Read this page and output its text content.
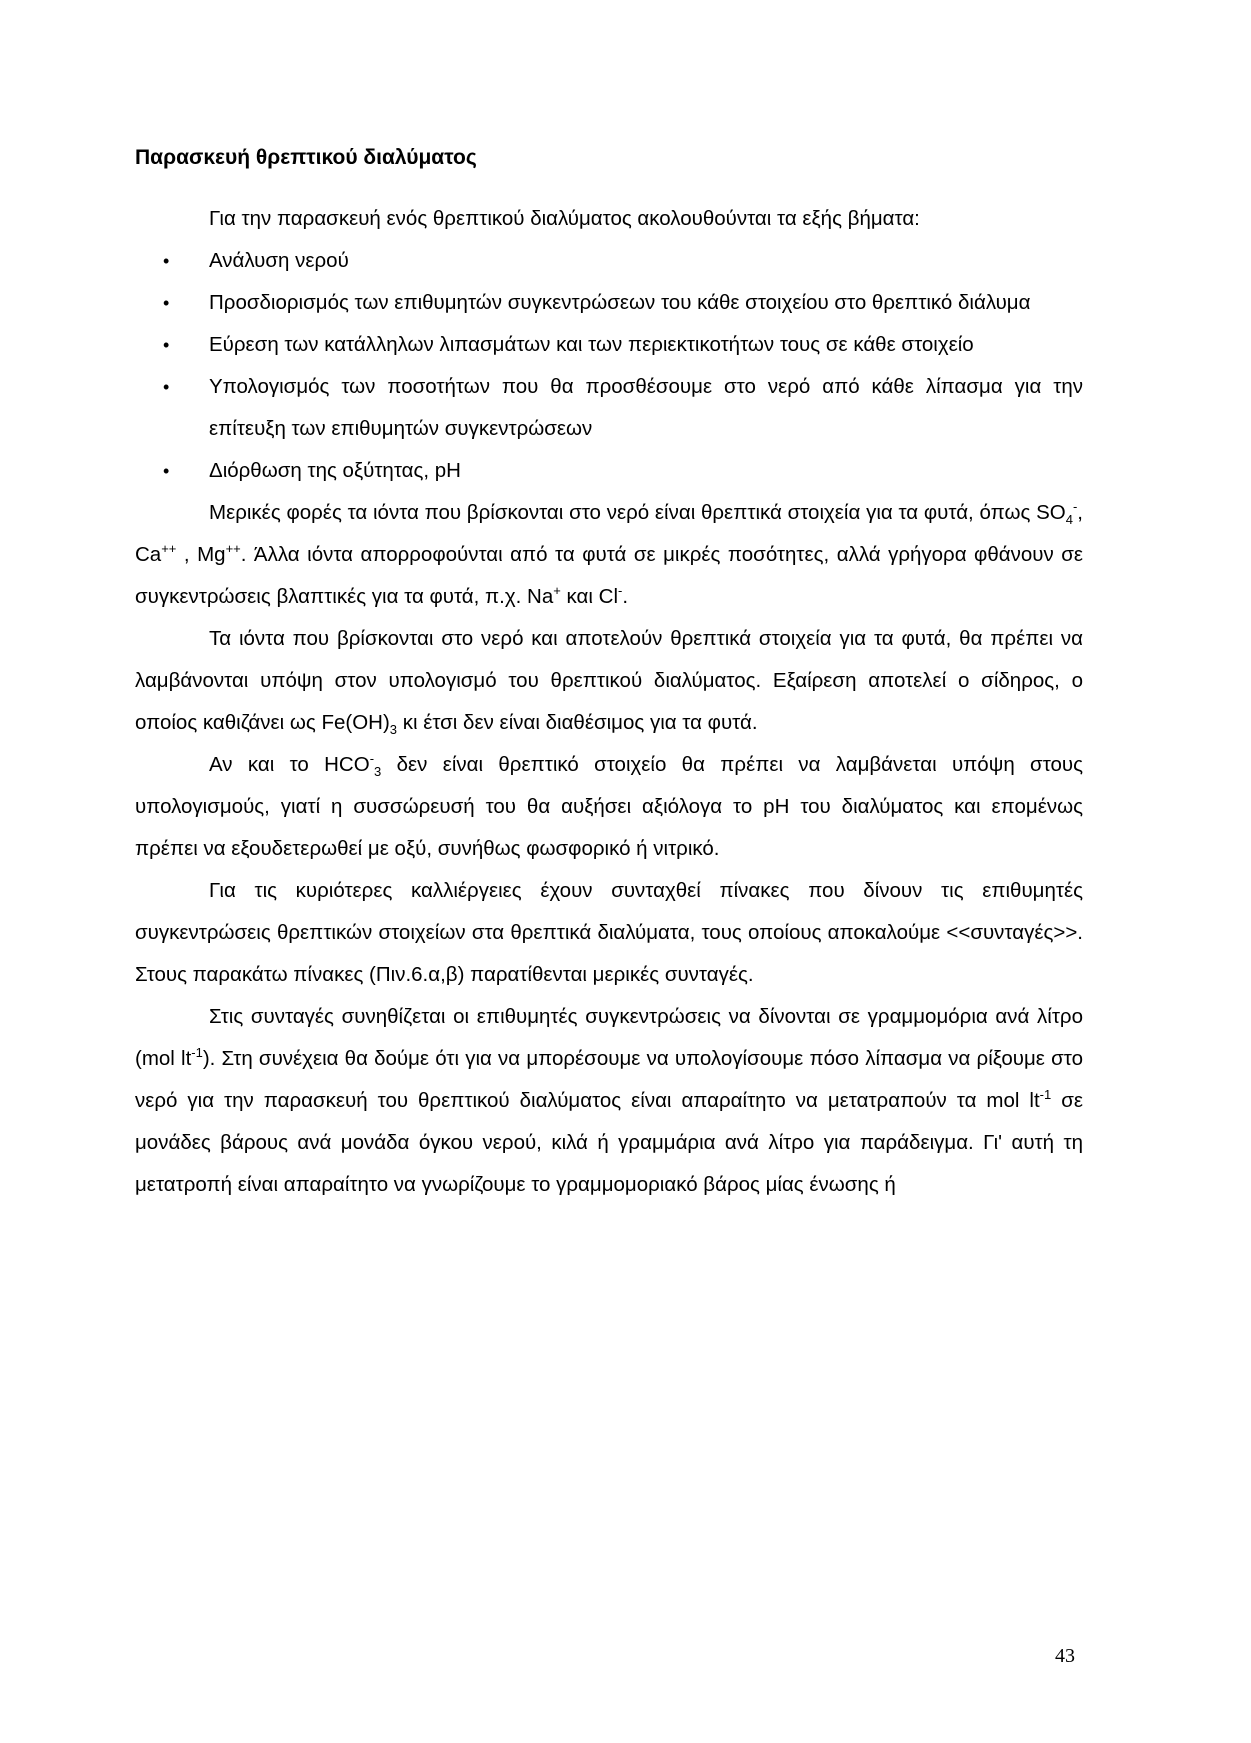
Παρασκευή θρεπτικού διαλύματος

Για την παρασκευή ενός θρεπτικού διαλύματος ακολουθούνται τα εξής βήματα:

• Ανάλυση νερού
• Προσδιορισμός των επιθυμητών συγκεντρώσεων του κάθε στοιχείου στο θρεπτικό διάλυμα
• Εύρεση των κατάλληλων λιπασμάτων και των περιεκτικοτήτων τους σε κάθε στοιχείο
• Υπολογισμός των ποσοτήτων που θα προσθέσουμε στο νερό από κάθε λίπασμα για την επίτευξη των επιθυμητών συγκεντρώσεων
• Διόρθωση της οξύτητας, pH

Μερικές φορές τα ιόντα που βρίσκονται στο νερό είναι θρεπτικά στοιχεία για τα φυτά, όπως $SO_4^-$, Ca++ , Mg++. Άλλα ιόντα απορροφούνται από τα φυτά σε μικρές ποσότητες, αλλά γρήγορα φθάνουν σε συγκεντρώσεις βλαπτικές για τα φυτά, π.χ. Na+ και Cl-.

Τα ιόντα που βρίσκονται στο νερό και αποτελούν θρεπτικά στοιχεία για τα φυτά, θα πρέπει να λαμβάνονται υπόψη στον υπολογισμό του θρεπτικού διαλύματος. Εξαίρεση αποτελεί ο σίδηρος, ο οποίος καθιζάνει ως $Fe(OH)_3$ κι έτσι δεν είναι διαθέσιμος για τα φυτά.

Αν και το $HCO^-_3$ δεν είναι θρεπτικό στοιχείο θα πρέπει να λαμβάνεται υπόψη στους υπολογισμούς, γιατί η συσσώρευσή του θα αυξήσει αξιόλογα το pH του διαλύματος και επομένως πρέπει να εξουδετερωθεί με οξύ, συνήθως φωσφορικό ή νιτρικό.

Για τις κυριότερες καλλιέργειες έχουν συνταχθεί πίνακες που δίνουν τις επιθυμητές συγκεντρώσεις θρεπτικών στοιχείων στα θρεπτικά διαλύματα, τους οποίους αποκαλούμε <<συνταγές>>. Στους παρακάτω πίνακες (Πιν.6.α,β) παρατίθενται μερικές συνταγές.

Στις συνταγές συνηθίζεται οι επιθυμητές συγκεντρώσεις να δίνονται σε γραμμομόρια ανά λίτρο (mol $lt^{-1}$). Στη συνέχεια θα δούμε ότι για να μπορέσουμε να υπολογίσουμε πόσο λίπασμα να ρίξουμε στο νερό για την παρασκευή του θρεπτικού διαλύματος είναι απαραίτητο να μετατραπούν τα mol $lt^{-1}$ σε μονάδες βάρους ανά μονάδα όγκου νερού, κιλά ή γραμμάρια ανά λίτρο για παράδειγμα. Γι' αυτή τη μετατροπή είναι απαραίτητο να γνωρίζουμε το γραμμομοριακό βάρος μίας ένωσης ή

43
